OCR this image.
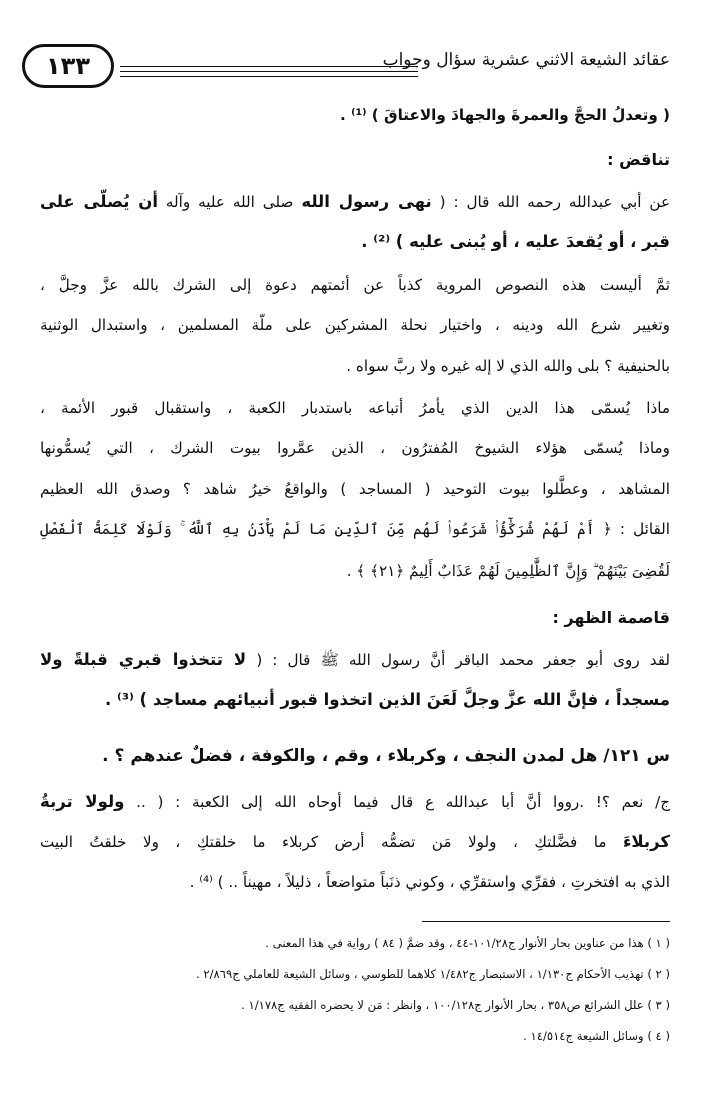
١٣٣	عقائد الشيعة الاثني عشرية سؤال وجواب
( وتعدلُ الحجَّ والعمرةَ والجهادَ والاعتاقَ ) ⁽¹⁾ .
تناقض :
عن أبي عبدالله رحمه الله قال : ( نهى رسول الله صلى الله عليه وآله أن يُصلّى على
قبر ، أو يُقعدَ عليه ، أو يُبنى عليه ) ⁽²⁾ .
ثمَّ أليست هذه النصوص المروية كذباً عن أئمتهم دعوة إلى الشرك بالله عزَّ وجلَّ ،
وتغيير شرع الله ودينه ، واختيار نحلة المشركين على ملّة المسلمين ، واستبدال الوثنية
بالحنيفية ؟ بلى والله الذي لا إله غيره ولا ربَّ سواه .
ماذا يُسمّى هذا الدين الذي يأمرُ أتباعه باستدبار الكعبة ، واستقبال قبور الأئمة ،
وماذا يُسمّى هؤلاء الشيوخ المُفترُون ، الذين عمَّروا بيوت الشرك ، التي يُسمُّونها
المشاهد ، وعطَّلوا بيوت التوحيد ( المساجد ) والواقعُ خيرُ شاهد ؟ وصدق الله العظيم
القائل : ﴿ أَمْ لَهُمْ شُرَكَٰٓؤُا۟ شَرَعُوا۟ لَهُم مِّنَ ٱلدِّينِ مَا لَمْ يَأْذَنۢ بِهِ ٱللَّهُ ۚ وَلَوْلَا كَلِمَةُ ٱلْفَصْلِ
لَقُضِىَ بَيْنَهُمْ ۗ وَإِنَّ ٱلظَّٰلِمِينَ لَهُمْ عَذَابٌ أَلِيمٌ ﴿٢١﴾ ﴾ .
قاصمة الظهر :
لقد روى أبو جعفر محمد الباقر أنَّ رسول الله ﷺ قال : ( لا تتخذوا قبري قبلةً ولا
مسجداً ، فإنَّ الله عزَّ وجلَّ لَعَنَ الذين اتخذوا قبور أنبيائهم مساجد ) ⁽³⁾ .
س ١٢١/ هل لمدن النجف ، وكربلاء ، وقم ، والكوفة ، فضلٌ عندهم ؟ .
ج/ نعم ؟! .رووا أنَّ أبا عبدالله ع قال فيما أوحاه الله إلى الكعبة : ( .. ولولا تربةُ
كربلاءَ ما فضَّلتكِ ، ولولا مَن تضمُّه أرض كربلاء ما خلقتكِ ، ولا خلقتُ البيت
الذي به افتخرتِ ، فقرِّي واستقرِّي ، وكوني ذنَباً متواضعاً ، ذليلاً ، مهيناً .. ) ⁽⁴⁾ .
( ١ ) هذا من عناوين بحار الأنوار ج١٠١/٢٨-٤٤ ، وقد ضمَّ ( ٨٤ ) رواية في هذا المعنى .
( ٢ ) تهذيب الأحكام ج١/١٣٠ ، الاستبصار ج١/٤٨٢ كلاهما للطوسي ، وسائل الشيعة للعاملي ج٢/٨٦٩ .
( ٣ ) علل الشرائع ص٣٥٨ ، بحار الأنوار ج١٠٠/١٢٨ ، وانظر : مَن لا يحضره الفقيه ج١/١٧٨ .
( ٤ ) وسائل الشيعة ج١٤/٥١٤ .
